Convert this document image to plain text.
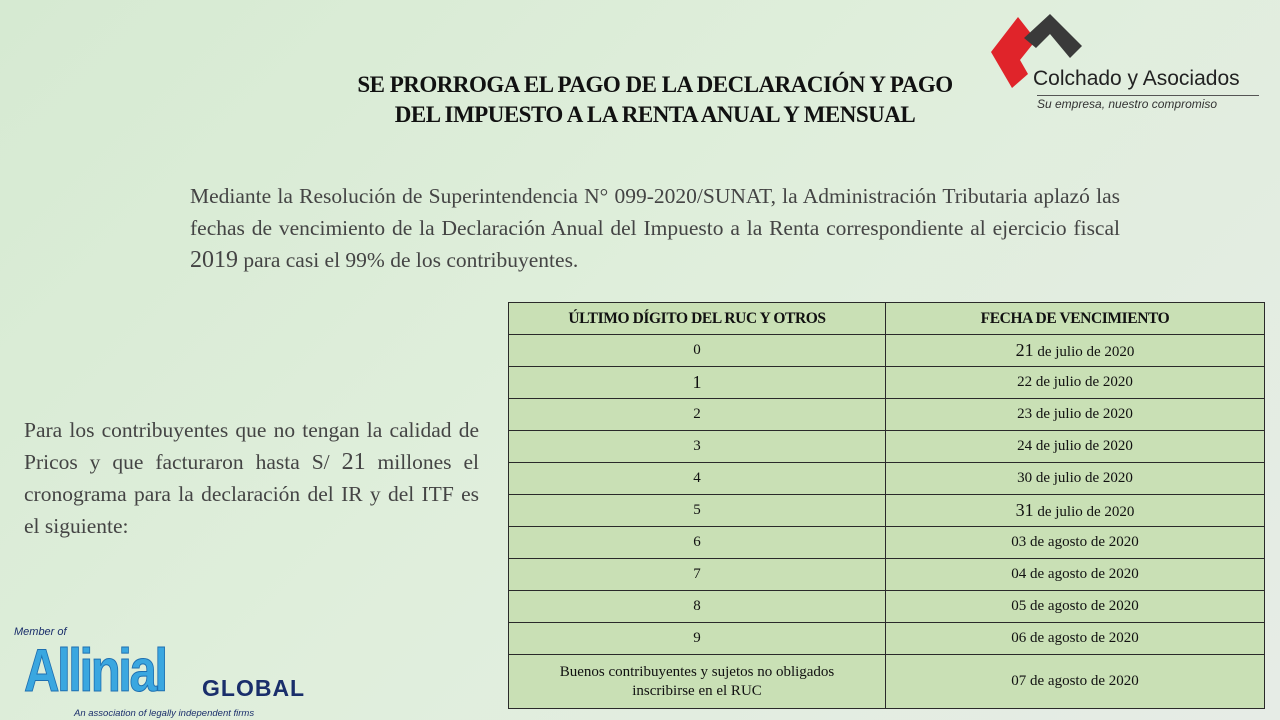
SE PRORROGA EL PAGO DE LA DECLARACIÓN Y PAGO
DEL IMPUESTO A LA RENTA ANUAL Y MENSUAL
Colchado y Asociados
Su empresa, nuestro compromiso
Mediante la Resolución de Superintendencia N° 099-2020/SUNAT, la Administración Tributaria aplazó las fechas de vencimiento de la Declaración Anual del Impuesto a la Renta correspondiente al ejercicio fiscal 2019 para casi el 99% de los contribuyentes.
Para los contribuyentes que no tengan la calidad de Pricos y que facturaron hasta S/ 21 millones el cronograma para la declaración del IR y del ITF es el siguiente:
ÚLTIMO DÍGITO DEL RUC Y OTROS	FECHA DE VENCIMIENTO
0	21 de julio de 2020
1	22 de julio de 2020
2	23 de julio de 2020
3	24 de julio de 2020
4	30 de julio de 2020
5	31 de julio de 2020
6	03 de agosto de 2020
7	04 de agosto de 2020
8	05 de agosto de 2020
9	06 de agosto de 2020

Buenos contribuyentes y sujetos no obligados
inscribirse en el RUC	07 de agosto de 2020
Member of
Allinial GLOBAL
An association of legally independent firms
